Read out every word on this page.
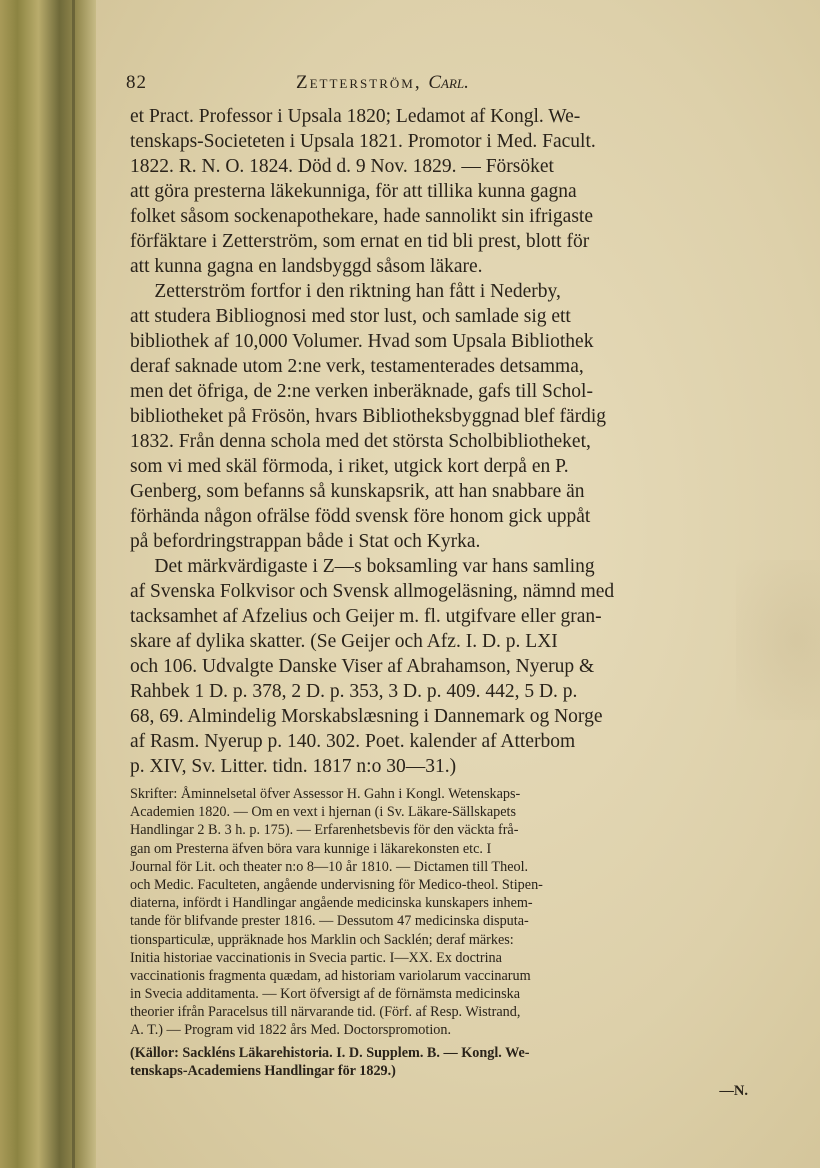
82	Zetterström, Carl.
et Pract. Professor i Upsala 1820; Ledamot af Kongl. We-
tenskaps-Societeten i Upsala 1821. Promotor i Med. Facult.
1822. R. N. O. 1824. Död d. 9 Nov. 1829. — Försöket
att göra presterna läkekunniga, för att tillika kunna gagna
folket såsom sockenapothekare, hade sannolikt sin ifrigaste
förfäktare i Zetterström, som ernat en tid bli prest, blott för
att kunna gagna en landsbyggd såsom läkare.
Zetterström fortfor i den riktning han fått i Nederby,
att studera Bibliognosi med stor lust, och samlade sig ett
bibliothek af 10,000 Volumer. Hvad som Upsala Bibliothek
deraf saknade utom 2:ne verk, testamenterades detsamma,
men det öfriga, de 2:ne verken inberäknade, gafs till Schol-
bibliotheket på Frösön, hvars Bibliotheksbyggnad blef färdig
1832. Från denna schola med det största Scholbibliotheket,
som vi med skäl förmoda, i riket, utgick kort derpå en P.
Genberg, som befanns så kunskapsrik, att han snabbare än
förhända någon ofrälse född svensk före honom gick uppåt
på befordringstrappan både i Stat och Kyrka.
Det märkvärdigaste i Z—s boksamling var hans samling
af Svenska Folkvisor och Svensk allmogeläsning, nämnd med
tacksamhet af Afzelius och Geijer m. fl. utgifvare eller gran-
skare af dylika skatter. (Se Geijer och Afz. I. D. p. LXI
och 106. Udvalgte Danske Viser af Abrahamson, Nyerup &
Rahbek 1 D. p. 378, 2 D. p. 353, 3 D. p. 409. 442, 5 D. p.
68, 69. Almindelig Morskabslæsning i Dannemark og Norge
af Rasm. Nyerup p. 140. 302. Poet. kalender af Atterbom
p. XIV, Sv. Litter. tidn. 1817 n:o 30—31.)
Skrifter: Åminnelsetal öfver Assessor H. Gahn i Kongl. Wetenskaps-
Academien 1820. — Om en vext i hjernan (i Sv. Läkare-Sällskapets
Handlingar 2 B. 3 h. p. 175). — Erfarenhetsbevis för den väckta frå-
gan om Presterna äfven böra vara kunnige i läkarekonsten etc. I
Journal för Lit. och theater n:o 8—10 år 1810. — Dictamen till Theol.
och Medic. Faculteten, angående undervisning för Medico-theol. Stipen-
diaterna, infördt i Handlingar angående medicinska kunskapers inhem-
tande för blifvande prester 1816. — Dessutom 47 medicinska disputa-
tionsparticulæ, uppräknade hos Marklin och Sacklén; deraf märkes:
Initia historiae vaccinationis in Svecia partic. I—XX. Ex doctrina
vaccinationis fragmenta quædam, ad historiam variolarum vaccinarum
in Svecia additamenta. — Kort öfversigt af de förnämsta medicinska
theorier ifrån Paracelsus till närvarande tid. (Förf. af Resp. Wistrand,
A. T.) — Program vid 1822 års Med. Doctorspromotion.
(Källor: Sackléns Läkarehistoria. I. D. Supplem. B. — Kongl. We-
tenskaps-Academiens Handlingar för 1829.)
—N.
